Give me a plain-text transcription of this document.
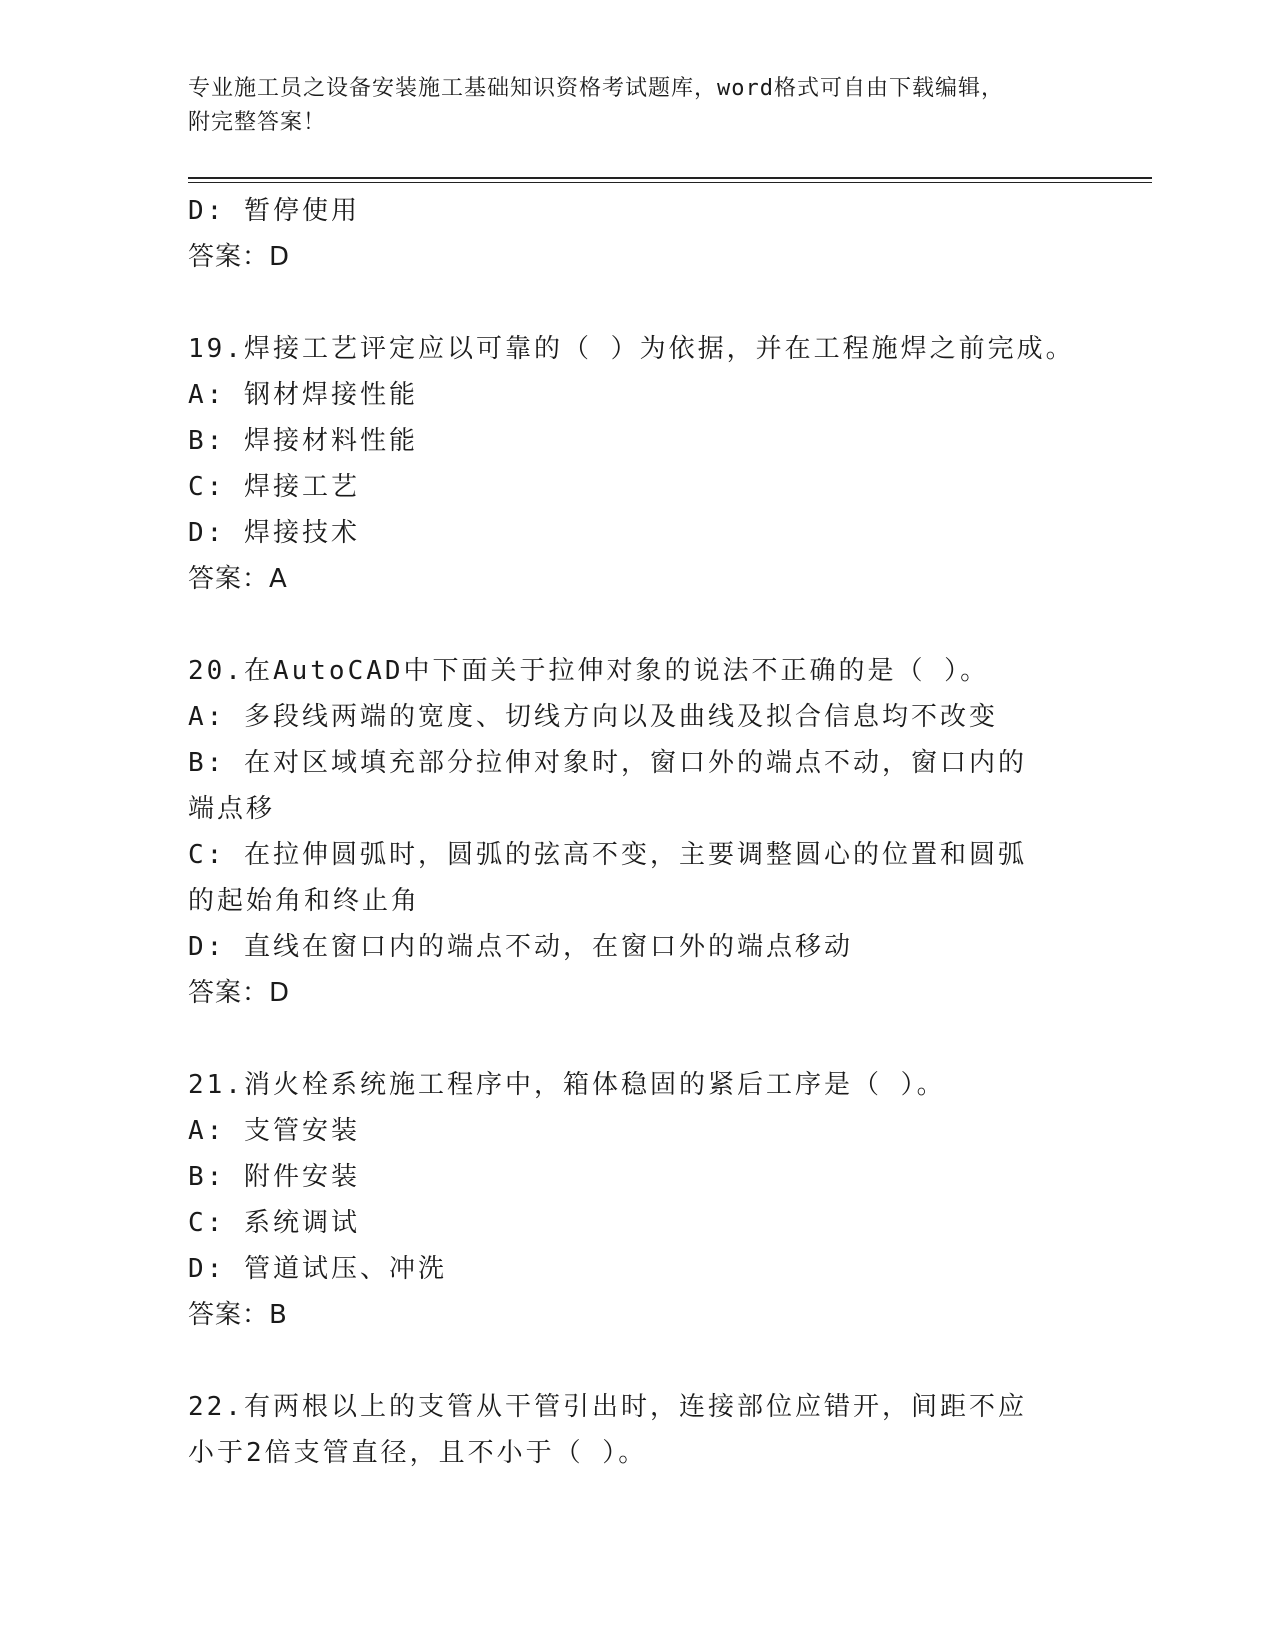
专业施工员之设备安装施工基础知识资格考试题库，word格式可自由下载编辑，
附完整答案！
D: 暂停使用
答案：D
19.焊接工艺评定应以可靠的（ ）为依据，并在工程施焊之前完成。
A: 钢材焊接性能
B: 焊接材料性能
C: 焊接工艺
D: 焊接技术
答案：A
20.在AutoCAD中下面关于拉伸对象的说法不正确的是（ ）。
A: 多段线两端的宽度、切线方向以及曲线及拟合信息均不改变
B: 在对区域填充部分拉伸对象时，窗口外的端点不动，窗口内的端点移
C: 在拉伸圆弧时，圆弧的弦高不变，主要调整圆心的位置和圆弧的起始角和终止角
D: 直线在窗口内的端点不动，在窗口外的端点移动
答案：D
21.消火栓系统施工程序中，箱体稳固的紧后工序是（ ）。
A: 支管安装
B: 附件安装
C: 系统调试
D: 管道试压、冲洗
答案：B
22.有两根以上的支管从干管引出时，连接部位应错开，间距不应小于2倍支管直径，且不小于（ ）。
